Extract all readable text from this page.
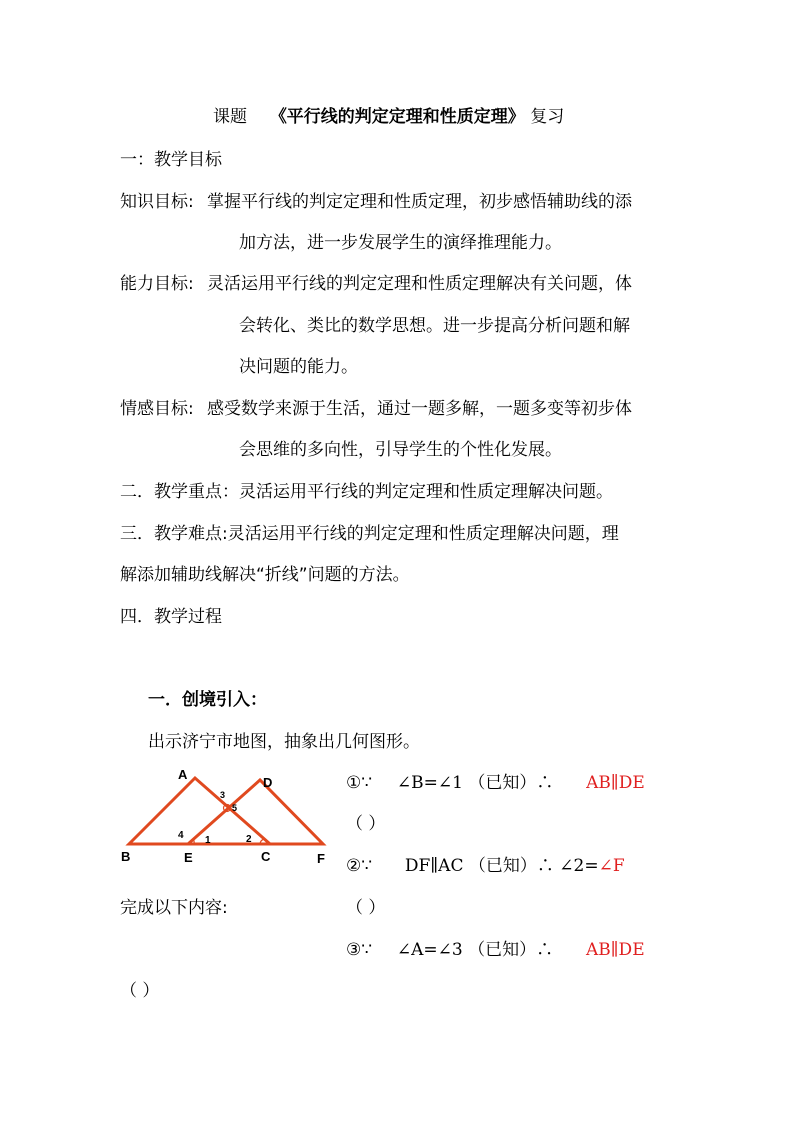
课题 《平行线的判定定理和性质定理》 复习
一：教学目标
知识目标: 掌握平行线的判定定理和性质定理，初步感悟辅助线的添
加方法，进一步发展学生的演绎推理能力。
能力目标: 灵活运用平行线的判定定理和性质定理解决有关问题，体
会转化、类比的数学思想。进一步提高分析问题和解
决问题的能力。
情感目标: 感受数学来源于生活，通过一题多解，一题多变等初步体
会思维的多向性，引导学生的个性化发展。
二．教学重点：灵活运用平行线的判定定理和性质定理解决问题。
三．教学难点:灵活运用平行线的判定定理和性质定理解决问题，理
解添加辅助线解决“折线”问题的方法。
四．教学过程
一．创境引入：
出示济宁市地图，抽象出几何图形。
A
B	C
D
E	F
1	2
3
4
5
①∵ ∠B=∠1 （已知）∴ AB∥DE
（ ）
②∵ DF∥AC （已知）∴ ∠2=∠F
完成以下内容:	（ ）
③∵ ∠A=∠3 （已知）∴ AB∥DE
（ ）
